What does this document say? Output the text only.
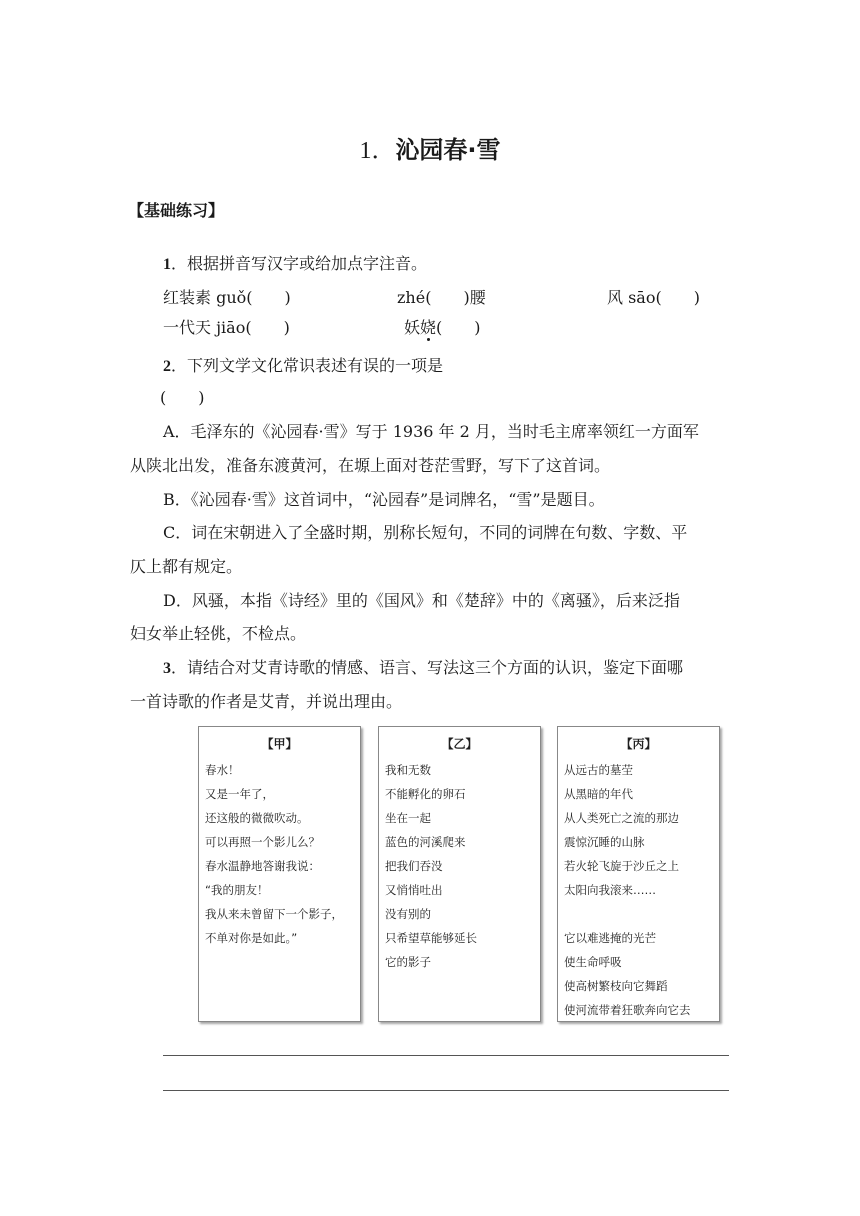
1．沁园春·雪
【基础练习】
1．根据拼音写汉字或给加点字注音。
红装素 guǒ(　　)	zhé(　　)腰	风 sāo(　　)
一代天 jiāo(　　)	妖娆(　　)
2．下列文学文化常识表述有误的一项是
(　　)
A．毛泽东的《沁园春·雪》写于 1936 年 2 月，当时毛主席率领红一方面军
从陕北出发，准备东渡黄河，在塬上面对苍茫雪野，写下了这首词。
B．《沁园春·雪》这首词中，“沁园春”是词牌名，“雪”是题目。
C．词在宋朝进入了全盛时期，别称长短句，不同的词牌在句数、字数、平
仄上都有规定。
D．风骚，本指《诗经》里的《国风》和《楚辞》中的《离骚》，后来泛指
妇女举止轻佻，不检点。
3．请结合对艾青诗歌的情感、语言、写法这三个方面的认识，鉴定下面哪
一首诗歌的作者是艾青，并说出理由。
【甲】
春水！
又是一年了，
还这般的微微吹动。
可以再照一个影儿么？
春水温静地答谢我说：
“我的朋友！
我从来未曾留下一个影子，
不单对你是如此。”
【乙】
我和无数
不能孵化的卵石
坐在一起
蓝色的河溪爬来
把我们吞没
又悄悄吐出
没有别的
只希望草能够延长
它的影子
【丙】
从远古的墓茔
从黑暗的年代
从人类死亡之流的那边
震惊沉睡的山脉
若火轮飞旋于沙丘之上
太阳向我滚来……
它以难逃掩的光芒
使生命呼吸
使高树繁枝向它舞蹈
使河流带着狂歌奔向它去
